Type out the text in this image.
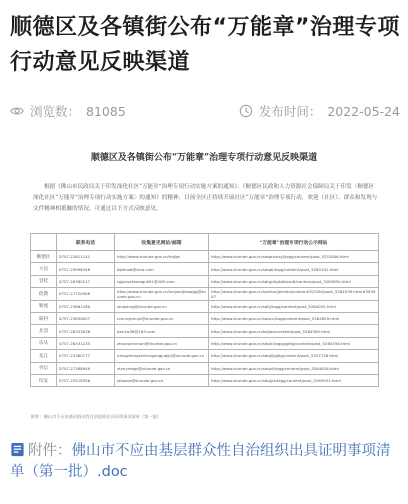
顺德区及各镇街公布“万能章”治理专项行动意见反映渠道
浏览数： 81085	发布时间： 2022-05-24
顺德区及各镇街公布“万能章”治理专项行动意见反映渠道
根据《佛山市民政局关于印发深化社区“万能章”治理专项行动实施方案的通知》、《顺德区民政和人力资源社会保障局关于印发〈顺德区深化社区“万能章”治理专项行动实施方案〉的通知》的精神，目前全区正持续开展社区“万能章”治理专项行动，欢迎（社区）、群众和发现与文件精神相抵触的情况，可通过以下方式反映意见。
	联系电话	收集意见网站/邮箱	“万能章”治理专项行动公示网站
顺德区	0757-22611141	http://www.shunde.gov.cn/hdjlpt	http://www.shunde.gov.cn/sdqmzrlzyj/tzgg/content/post_5253006.html
大良	0757-29996346	dljdmzb@sina.com	http://www.shunde.gov.cn/sdqdl/tzgg/content/post_5265101.html
容桂	0757-28380217	rgjjzzvzhiweiguli01@163.com	http://www.shunde.gov.cn/sdrgjd/gkdt/swdt/content/post_5263850.html
伦教	0757-27720588	http://www.shunde.gov.cn/lunjiao/jiaoqgg@shunde.gov.cn	http://www.shunde.gov.cn/lssdlunj/plmjtzl/content/5/5264/post_5264539.html#303907
勒流	0757-23661280	wuqzhng@shunde.gov.cn	http://www.shunde.gov.cn/sdllj/tzgg/content/post_5264035.html
陈村	0757-23830057	ccsnngchuju@shunde.gov.cn	http://www.shunde.gov.cn/sdqcc/tzgg/content/post_5264859.html
北滘	0757-26333036	bez1w56@163.com	http://www.shunde.gov.cn/bejiao/content/post_5264309.html
乐从	0757-28331235	zhouqumiman@shunde.gov.cn	http://www.shunde.gov.cn/sdqlc/tzgg/gpttg/content/post_5264556.html
龙江	0757-23380777	nengzhengshehuigongjuqiju@shunde.gov.cn	http://www.shunde.gov.cn/sdqlj/lgjltg/content/post_5257728.html
杏坛	0757-27388949	xtznyndqjs@shunde.gov.cn	http://www.shunde.gov.cn/sdqxt/tzgg/content/post_5264816.html
均安	0757-25518356	jaluoan@shunde.gov.cn	http://www.shunde.gov.cn/sdqjya/tzgg/content/post_5265931.html
附件：佛山市不应由基层群众性自治组织出具证明事项清单（第一批）
附件：佛山市不应由基层群众性自治组织出具证明事项清单（第一批）.doc
